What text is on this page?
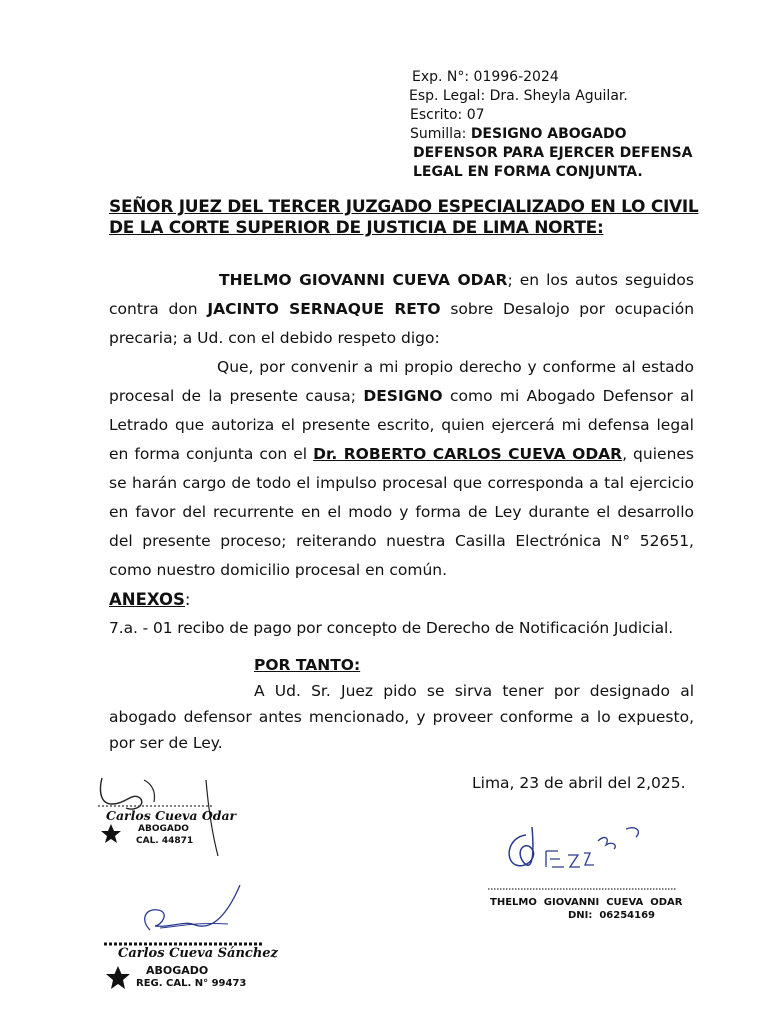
Exp. N°: 01996-2024
Esp. Legal: Dra. Sheyla Aguilar.
Escrito: 07
Sumilla: DESIGNO ABOGADO
DEFENSOR PARA EJERCER DEFENSA
LEGAL EN FORMA CONJUNTA.
SEÑOR JUEZ DEL TERCER JUZGADO ESPECIALIZADO EN LO CIVIL
DE LA CORTE SUPERIOR DE JUSTICIA DE LIMA NORTE:

THELMO GIOVANNI CUEVA ODAR; en los autos seguidos contra don JACINTO SERNAQUE RETO sobre Desalojo por ocupación precaria; a Ud. con el debido respeto digo:

Que, por convenir a mi propio derecho y conforme al estado procesal de la presente causa; DESIGNO como mi Abogado Defensor al Letrado que autoriza el presente escrito, quien ejercerá mi defensa legal en forma conjunta con el Dr. ROBERTO CARLOS CUEVA ODAR, quienes se harán cargo de todo el impulso procesal que corresponda a tal ejercicio en favor del recurrente en el modo y forma de Ley durante el desarrollo del presente proceso; reiterando nuestra Casilla Electrónica N° 52651, como nuestro domicilio procesal en común.

ANEXOS:

7.a. - 01 recibo de pago por concepto de Derecho de Notificación Judicial.

POR TANTO:

A Ud. Sr. Juez pido se sirva tener por designado al abogado defensor antes mencionado, y proveer conforme a lo expuesto, por ser de Ley.

Lima, 23 de abril del 2,025.
Carlos Cueva Odar
ABOGADO
CAL. 44871
Carlos Cueva Sánchez
ABOGADO
REG. CAL. N° 99473
THELMO  GIOVANNI  CUEVA  ODAR
DNI:  06254169
